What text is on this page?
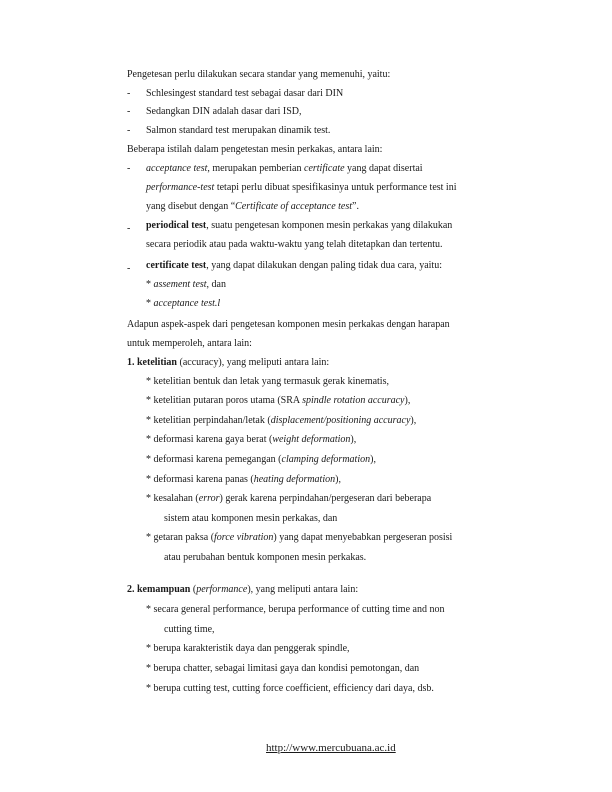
Pengetesan perlu dilakukan secara standar yang memenuhi, yaitu:
- Schlesingest standard test sebagai dasar dari DIN
- Sedangkan DIN adalah dasar dari ISD,
- Salmon standard test merupakan dinamik test.
Beberapa istilah dalam pengetestan mesin perkakas, antara lain:
- acceptance test, merupakan pemberian certificate yang dapat disertai
performance-test tetapi perlu dibuat spesifikasinya untuk performance test ini
yang disebut dengan “Certificate of acceptance test”.
- periodical test, suatu pengetesan komponen mesin perkakas yang dilakukan
secara periodik atau pada waktu-waktu yang telah ditetapkan dan tertentu.
- certificate test, yang dapat dilakukan dengan paling tidak dua cara, yaitu:
* assement test, dan
* acceptance test.l
Adapun aspek-aspek dari pengetesan komponen mesin perkakas dengan harapan
untuk memperoleh, antara lain:
1. ketelitian (accuracy), yang meliputi antara lain:
* ketelitian bentuk dan letak yang termasuk gerak kinematis,
* ketelitian putaran poros utama (SRA spindle rotation accuracy),
* ketelitian perpindahan/letak (displacement/positioning accuracy),
* deformasi karena gaya berat (weight deformation),
* deformasi karena pemegangan (clamping deformation),
* deformasi karena panas (heating deformation),
* kesalahan (error) gerak karena perpindahan/pergeseran dari beberapa
sistem atau komponen mesin perkakas, dan
* getaran paksa (force vibration) yang dapat menyebabkan pergeseran posisi
atau perubahan bentuk komponen mesin perkakas.
2. kemampuan (performance), yang meliputi antara lain:
* secara general performance, berupa performance of cutting time and non
cutting time,
* berupa karakteristik daya dan penggerak spindle,
* berupa chatter, sebagai limitasi gaya dan kondisi pemotongan, dan
* berupa cutting test, cutting force coefficient, efficiency dari daya, dsb.
http://www.mercubuana.ac.id
